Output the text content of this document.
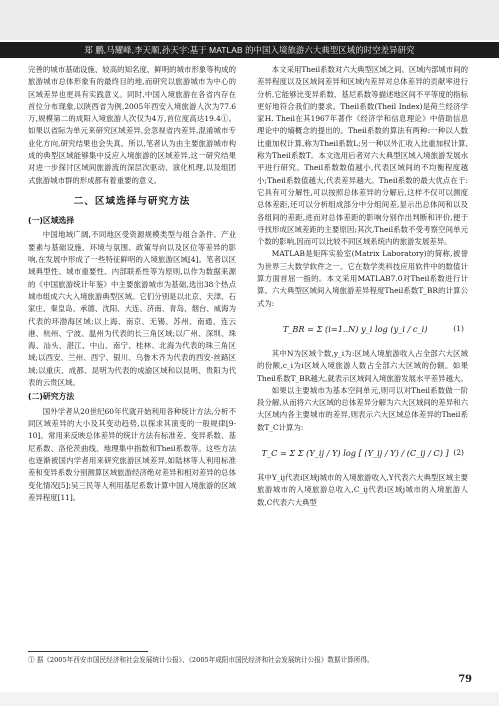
郑 鹏,马耀峰,李天顺,孙天宇:基于 MATLAB 的中国入境旅游六大典型区域的时空差异研究

完善的城市基础设施、较高的知名度、鲜明的城市形象等构成的旅游城市总体形象有的最终目的地,而研究以旅游城市为中心的区域差异也更具有实践意义。同时,中国入境旅游在各省内存在首位分布现象,以陕西省为例,2005年西安入境旅游人次为77.6万,规模第二的成阳入境旅游人次仅为4万,首位度高达19.4①。如果以省际为单元来研究区域差异,会忽视省内差异,混淆城市专业化方向,研究结果也会失真。所以,笔者认为由主要旅游城市构成的典型区域能够集中反应入境旅游的区域差异,这一研究结果对进一步探讨区域间旅游流的深层次驱动、演化机理,以及组团式旅游城市群的形成都有着重要的意义。

二、区域选择与研究方法
(一)区域选择

中国地域广阔,不同地区受资源规模类型与组合条件、产业要素与基础设施、环境与氛围、政策导向以及区位等差异的影响,在发展中形成了一些特征鲜明的入境旅游区域[4]。笔者以区域典型性、城市重要性、内部联系性等为原则,以作为数据来源的《中国旅游统计年鉴》中主要旅游城市为基础,选出38个热点城市组成六大入境旅游典型区域。它们分别是以北京、天津、石家庄、秦皇岛、承德、沈阳、大连、济南、青岛、烟台、威海为代表的环渤海区域;以上海、南京、无锡、苏州、南通、连云港、杭州、宁波、温州为代表的长三角区域;以广州、深圳、珠海、汕头、湛江、中山、南宁、桂林、北海为代表的珠三角区域;以西安、兰州、西宁、银川、乌鲁木齐为代表的西安-丝路区域;以重庆、成都、昆明为代表的成渝区域和以昆明、贵阳为代表的云贵区域。

(二)研究方法

国外学者从20世纪60年代就开始利用各种统计方法,分析不同区域差异的大小及其变动趋势,以探求其演变的一般规律[9-10]。常用来反映总体差异的统计方法有标准差、变异系数、基尼系数、洛伦茨曲线、地理集中指数和Theil系数等。这些方法也逐渐被国内学者用来研究旅游区域差异,如陆林等人利用标准差和变异系数分别测算区域旅游经济绝对差异和相对差异的总体变化情况[5];吴三民等人利用基尼系数计算中国入境旅游的区域差异程度[11]。

本文采用Theil系数对六大典型区域之间、区域内部城市间的差异程度以及区域间差异和区域内差异对总体差异的贡献率进行分析,它能够比变异系数、基尼系数等描述地区间不平等度的指标更好地符合我们的要求。Theil系数(Theil Index)是荷兰经济学家H. Theil在其1967年著作《经济学和信息理论》中借助信息理论中的熵概念的提出的。Theil系数的算法有两种:一种以人数比重加权计算,称为Theil系数L;另一种以外汇收入比重加权计算,称为Theil系数T。本文选用后者对六大典型区域入境旅游发展水平进行研究。Theil系数数值越小,代表区域间的不均衡程度越小;Theil系数值越大,代表差异越大。Theil系数的最大优点在于:它具有可分解性,可以按照总体差异的分解后,这样不仅可以测度总体差距,还可以分析组成部分中分组间差,显示出总体间和以及各组间的差距,进而对总体差距的影响分别作出判断和评价,便于寻找形成区域差距的主要原因;其次,Theil系数不受考察空间单元个数的影响,因而可以比较不同区域系统内的旅游发展差异。

MATLAB是矩阵实验室(Matrix Laboratory)的简称,被誉为世界三大数学软件之一。它在数学类科技应用软件中的数值计算方面首屈一指的。本文采用MATLAB7.0对Theil系数进行计算。六大典型区域间入境旅游差异程度Theil系数T_BR的计算公式为:

T_BR = Σ (i=1..N) y_i log (y_i / c_i)	(1)

其中N为区域个数,y_i为:区域入境旅游收入占全部六大区域的份额,c_i为i区域入境旅游人数占全部六大区域的份额。如果Theil系数T_BR越大,就表示区域间入境旅游发展水平差异越大。

如果以主要城市为基本空间单元,则可以对Theil系数做一阶段分解,从而将六大区域的总体差异分解为六大区域间的差异和六大区域内各主要城市的差异,则表示六大区域总体差异的Theil系数T_C计算为:

T_C = Σ Σ (Y_ij / Y) log [ (Y_ij / Y) / (C_ij / C) ] (2)

其中Y_ij代表i区域j城市的入境旅游收入,Y代表六大典型区域主要旅游城市的入境旅游总收入,C_ij代表i区域j城市的入境旅游人数,C代表六大典型

① 据《2005年西安市国民经济和社会发展统计公报》、《2005年成阳市国民经济和社会发展统计公报》数据计算所得。
79
